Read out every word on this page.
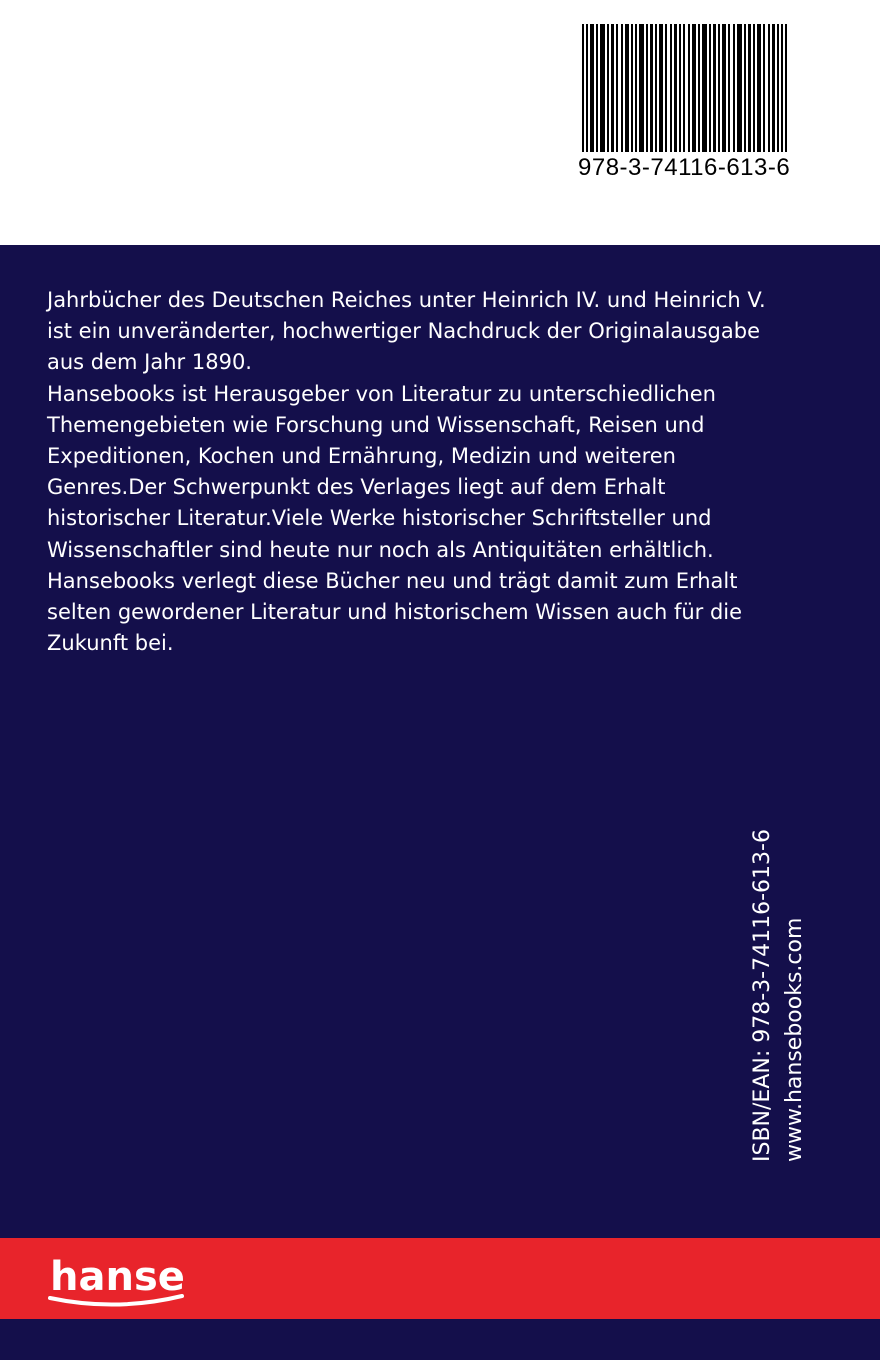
978-3-74116-613-6
Jahrbücher des Deutschen Reiches unter Heinrich IV. und Heinrich V.
ist ein unveränderter, hochwertiger Nachdruck der Originalausgabe
aus dem Jahr 1890.
Hansebooks ist Herausgeber von Literatur zu unterschiedlichen
Themengebieten wie Forschung und Wissenschaft, Reisen und
Expeditionen, Kochen und Ernährung, Medizin und weiteren
Genres.Der Schwerpunkt des Verlages liegt auf dem Erhalt
historischer Literatur.Viele Werke historischer Schriftsteller und
Wissenschaftler sind heute nur noch als Antiquitäten erhältlich.
Hansebooks verlegt diese Bücher neu und trägt damit zum Erhalt
selten gewordener Literatur und historischem Wissen auch für die
Zukunft bei.
ISBN/EAN: 978-3-74116-613-6 www.hansebooks.com
hanse
